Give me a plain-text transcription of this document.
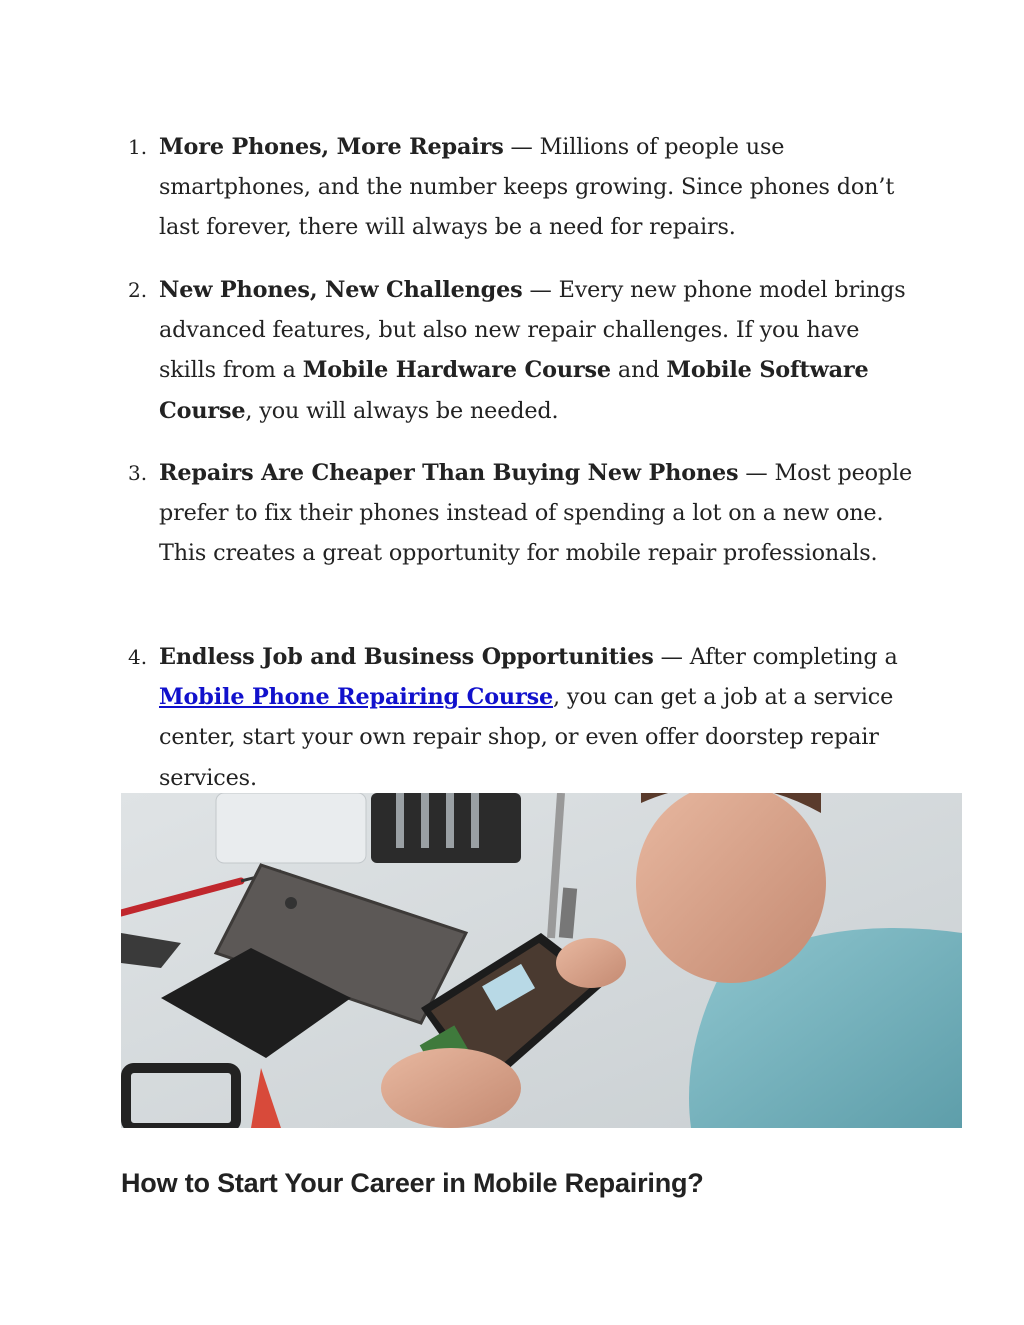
1. More Phones, More Repairs — Millions of people use smartphones, and the number keeps growing. Since phones don’t last forever, there will always be a need for repairs.
2. New Phones, New Challenges — Every new phone model brings advanced features, but also new repair challenges. If you have skills from a Mobile Hardware Course and Mobile Software Course, you will always be needed.
3. Repairs Are Cheaper Than Buying New Phones — Most people prefer to fix their phones instead of spending a lot on a new one. This creates a great opportunity for mobile repair professionals.
4. Endless Job and Business Opportunities — After completing a Mobile Phone Repairing Course, you can get a job at a service center, start your own repair shop, or even offer doorstep repair services.
How to Start Your Career in Mobile Repairing?
